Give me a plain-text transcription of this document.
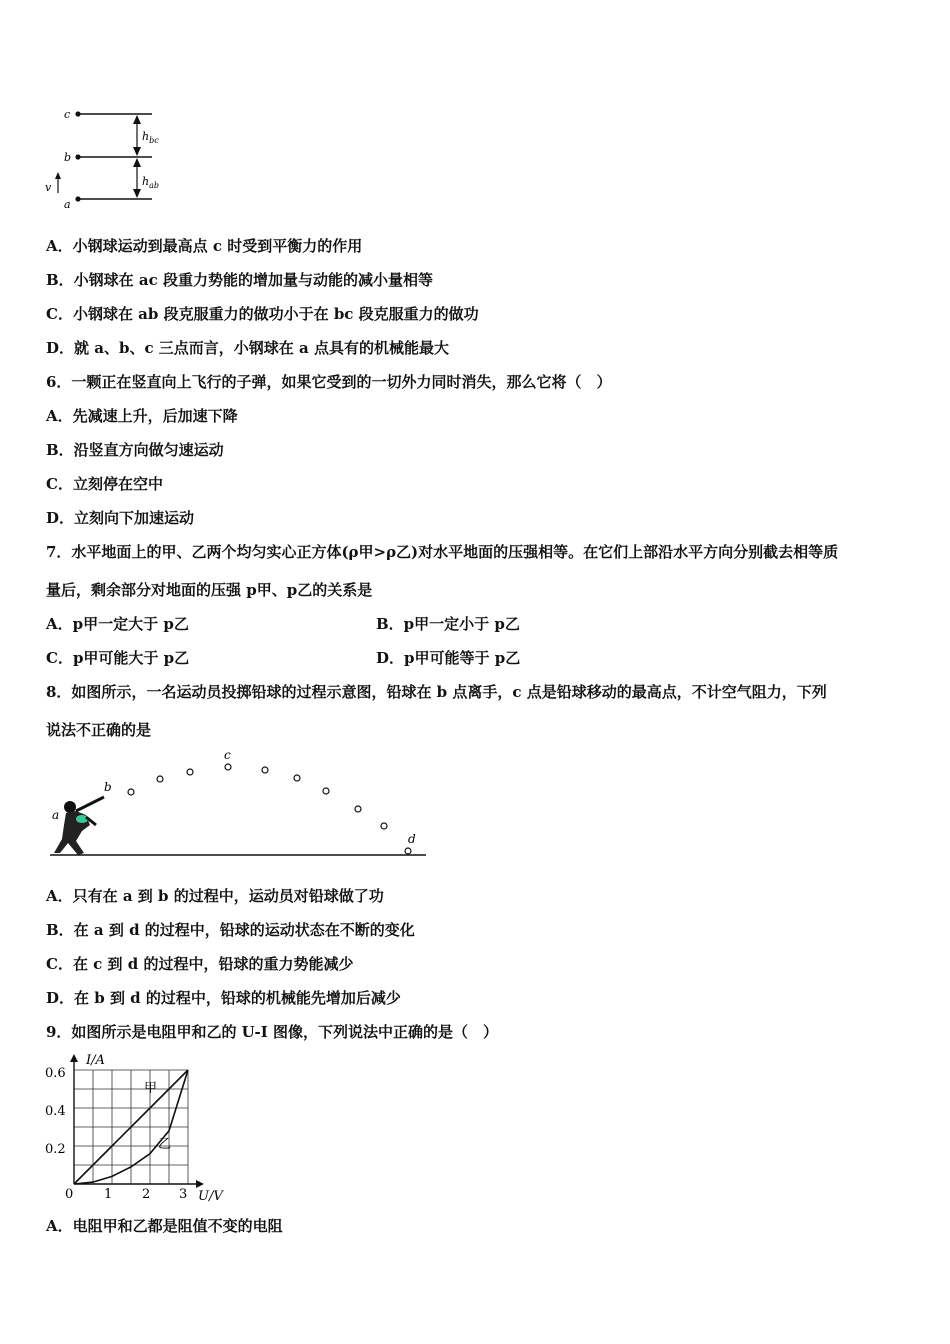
c
b
a
$h_{bc}$
$h_{ab}$
v
A．小钢球运动到最高点 c 时受到平衡力的作用
B．小钢球在 ac 段重力势能的增加量与动能的减小量相等
C．小钢球在 ab 段克服重力的做功小于在 bc 段克服重力的做功
D．就 a、b、c 三点而言，小钢球在 a 点具有的机械能最大
6．一颗正在竖直向上飞行的子弹，如果它受到的一切外力同时消失，那么它将（　）
A．先减速上升，后加速下降
B．沿竖直方向做匀速运动
C．立刻停在空中
D．立刻向下加速运动
7．水平地面上的甲、乙两个均匀实心正方体(ρ甲>ρ乙)对水平地面的压强相等。在它们上部沿水平方向分别截去相等质
量后，剩余部分对地面的压强 p甲、p乙的关系是
A．p甲一定大于 p乙	B．p甲一定小于 p乙
C．p甲可能大于 p乙	D．p甲可能等于 p乙
8．如图所示，一名运动员投掷铅球的过程示意图，铅球在 b 点离手，c 点是铅球移动的最高点，不计空气阻力，下列
说法不正确的是
a
b
c
d
A．只有在 a 到 b 的过程中，运动员对铅球做了功
B．在 a 到 d 的过程中，铅球的运动状态在不断的变化
C．在 c 到 d 的过程中，铅球的重力势能减少
D．在 b 到 d 的过程中，铅球的机械能先增加后减少
9．如图所示是电阻甲和乙的 U-I 图像，下列说法中正确的是（　）
I/A
U/V
0.6
0.4
0.2
0 1 2 3
甲
乙
A．电阻甲和乙都是阻值不变的电阻
